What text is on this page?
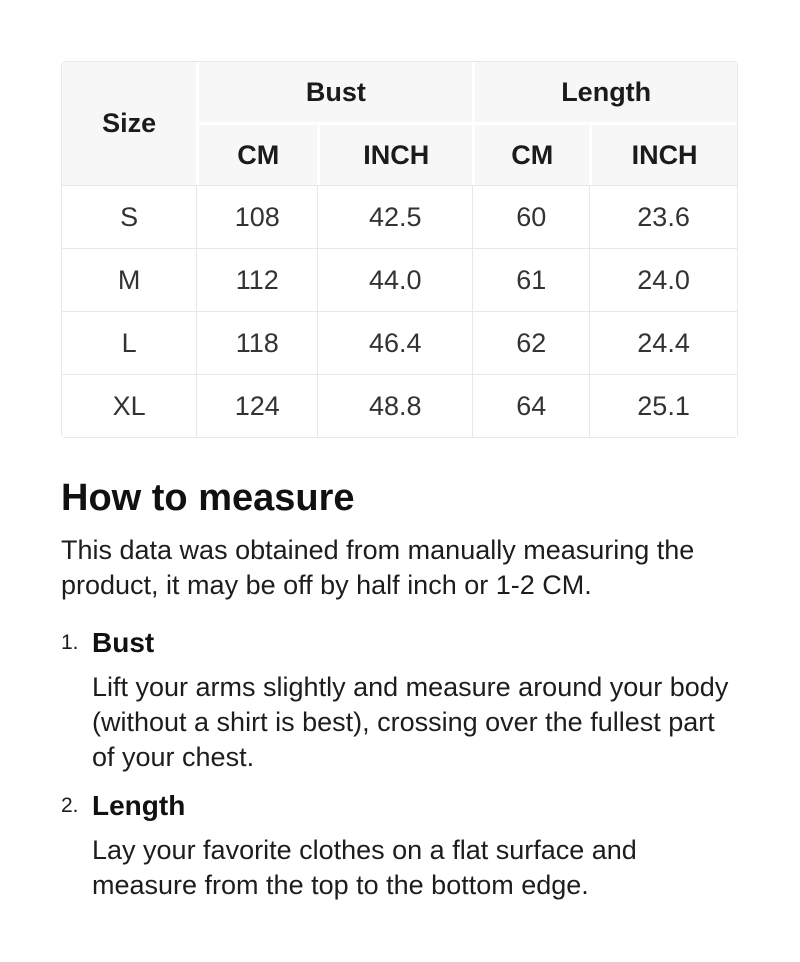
Size	Bust		Length	
	CM	INCH	CM	INCH
S	108	42.5	60	23.6
M	112	44.0	61	24.0
L	118	46.4	62	24.4
XL	124	48.8	64	25.1
How to measure

This data was obtained from manually measuring the product, it may be off by half inch or 1-2 CM.

1. Bust

Lift your arms slightly and measure around your body (without a shirt is best), crossing over the fullest part of your chest.

2. Length

Lay your favorite clothes on a flat surface and measure from the top to the bottom edge.
